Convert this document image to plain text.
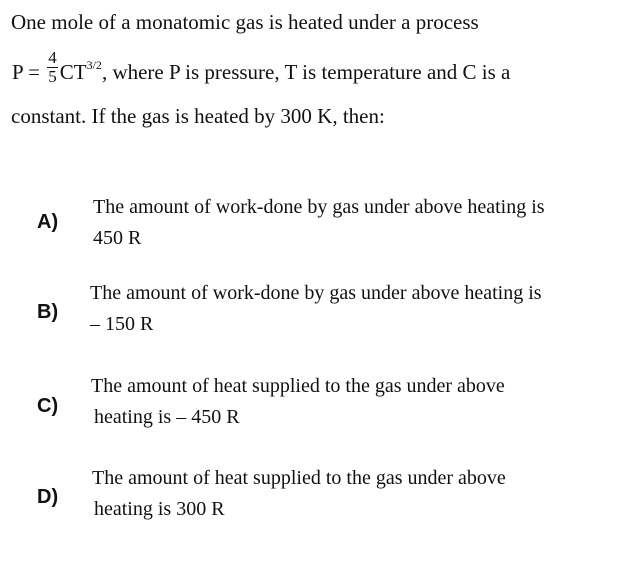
One mole of a monatomic gas is heated under a process
$P = \frac{4}{5} CT^{3/2}$, where P is pressure, T is temperature and C is a
constant. If the gas is heated by 300 K, then:
A)
The amount of work-done by gas under above heating is
450 R
B)
The amount of work-done by gas under above heating is
– 150 R
C)
The amount of heat supplied to the gas under above
heating is – 450 R
D)
The amount of heat supplied to the gas under above
heating is 300 R
